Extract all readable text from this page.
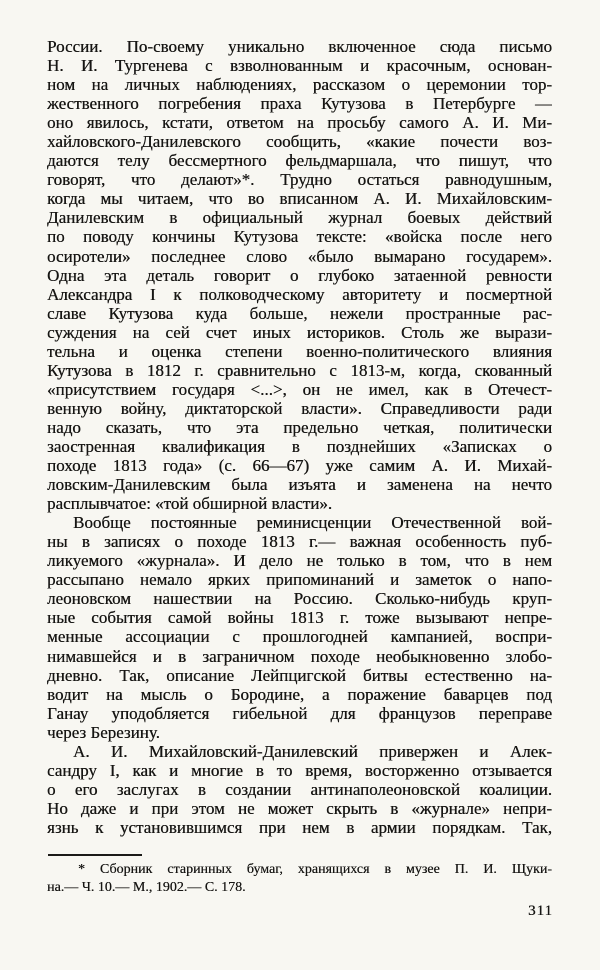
России. По-своему уникально включенное сюда письмо
Н. И. Тургенева с взволнованным и красочным, основан-
ном на личных наблюдениях, рассказом о церемонии тор-
жественного погребения праха Кутузова в Петербурге —
оно явилось, кстати, ответом на просьбу самого А. И. Ми-
хайловского-Данилевского сообщить, «какие почести воз-
даются телу бессмертного фельдмаршала, что пишут, что
говорят, что делают»*. Трудно остаться равнодушным,
когда мы читаем, что во вписанном А. И. Михайловским-
Данилевским в официальный журнал боевых действий
по поводу кончины Кутузова тексте: «войска после него
осиротели» последнее слово «было вымарано государем».
Одна эта деталь говорит о глубоко затаенной ревности
Александра I к полководческому авторитету и посмертной
славе Кутузова куда больше, нежели пространные рас-
суждения на сей счет иных историков. Столь же вырази-
тельна и оценка степени военно-политического влияния
Кутузова в 1812 г. сравнительно с 1813-м, когда, скованный
«присутствием государя <...>, он не имел, как в Отечест-
венную войну, диктаторской власти». Справедливости ради
надо сказать, что эта предельно четкая, политически
заостренная квалификация в позднейших «Записках о
походе 1813 года» (с. 66—67) уже самим А. И. Михай-
ловским-Данилевским была изъята и заменена на нечто
расплывчатое: «той обширной власти».
Вообще постоянные реминисценции Отечественной вой-
ны в записях о походе 1813 г.— важная особенность пуб-
ликуемого «журнала». И дело не только в том, что в нем
рассыпано немало ярких припоминаний и заметок о напо-
леоновском нашествии на Россию. Сколько-нибудь круп-
ные события самой войны 1813 г. тоже вызывают непре-
менные ассоциации с прошлогодней кампанией, воспри-
нимавшейся и в заграничном походе необыкновенно злобо-
дневно. Так, описание Лейпцигской битвы естественно на-
водит на мысль о Бородине, а поражение баварцев под
Ганау уподобляется гибельной для французов переправе
через Березину.
А. И. Михайловский-Данилевский привержен и Алек-
сандру I, как и многие в то время, восторженно отзывается
о его заслугах в создании антинаполеоновской коалиции.
Но даже и при этом не может скрыть в «журнале» непри-
язнь к установившимся при нем в армии порядкам. Так,
* Сборник старинных бумаг, хранящихся в музее П. И. Щуки-
на.— Ч. 10.— М., 1902.— С. 178.
311
